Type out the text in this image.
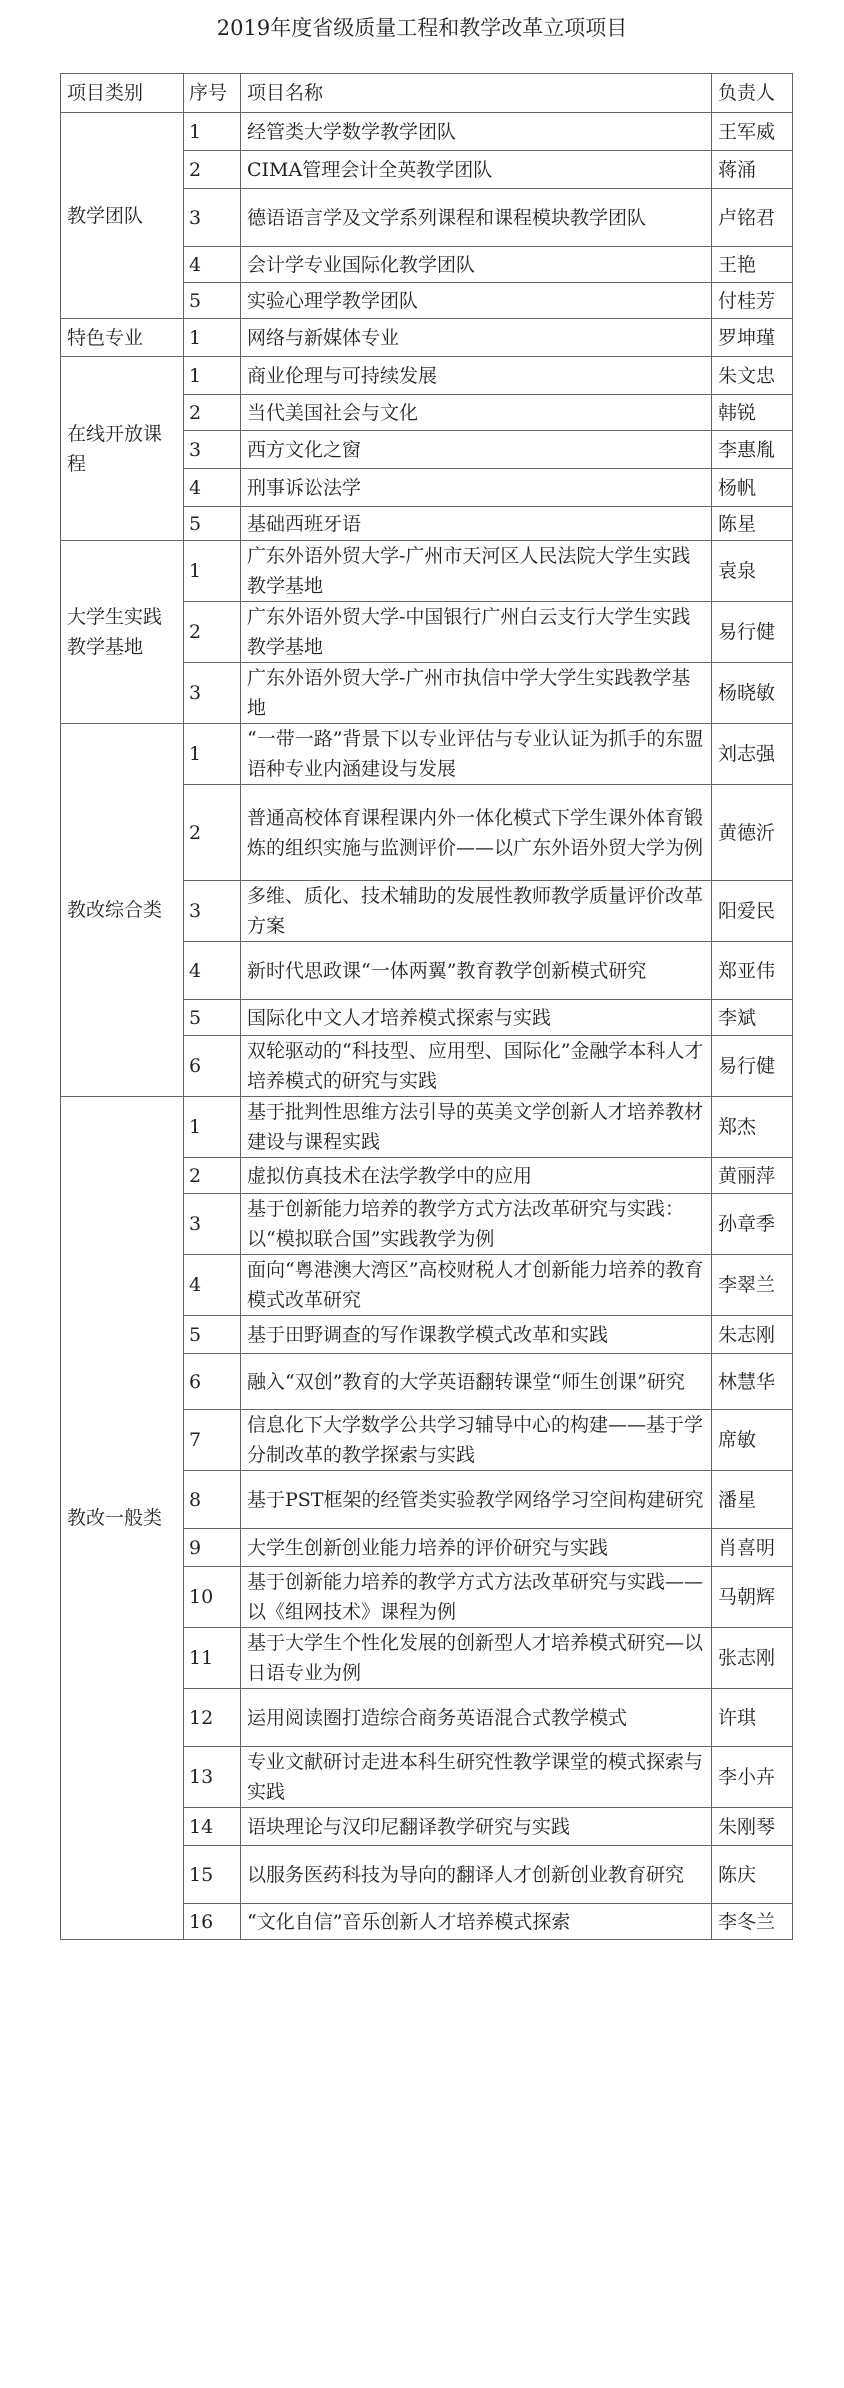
2019年度省级质量工程和教学改革立项项目
项目类别	序号	项目名称	负责人
教学团队	1	经管类大学数学教学团队	王军威
	2	CIMA管理会计全英教学团队	蒋涌
	3	德语语言学及文学系列课程和课程模块教学团队	卢铭君
	4	会计学专业国际化教学团队	王艳
	5	实验心理学教学团队	付桂芳
特色专业	1	网络与新媒体专业	罗坤瑾
在线开放课程	1	商业伦理与可持续发展	朱文忠
	2	当代美国社会与文化	韩锐
	3	西方文化之窗	李惠胤
	4	刑事诉讼法学	杨帆
	5	基础西班牙语	陈星
大学生实践教学基地	1	广东外语外贸大学-广州市天河区人民法院大学生实践教学基地	袁泉
	2	广东外语外贸大学-中国银行广州白云支行大学生实践教学基地	易行健
	3	广东外语外贸大学-广州市执信中学大学生实践教学基地	杨晓敏
教改综合类	1	“一带一路”背景下以专业评估与专业认证为抓手的东盟语种专业内涵建设与发展	刘志强
	2	普通高校体育课程课内外一体化模式下学生课外体育锻炼的组织实施与监测评价——以广东外语外贸大学为例	黄德沂
	3	多维、质化、技术辅助的发展性教师教学质量评价改革方案	阳爱民
	4	新时代思政课“一体两翼”教育教学创新模式研究	郑亚伟
	5	国际化中文人才培养模式探索与实践	李斌
	6	双轮驱动的“科技型、应用型、国际化”金融学本科人才培养模式的研究与实践	易行健
教改一般类	1	基于批判性思维方法引导的英美文学创新人才培养教材建设与课程实践	郑杰
	2	虚拟仿真技术在法学教学中的应用	黄丽萍
	3	基于创新能力培养的教学方式方法改革研究与实践：以“模拟联合国”实践教学为例	孙章季
	4	面向“粤港澳大湾区”高校财税人才创新能力培养的教育模式改革研究	李翠兰
	5	基于田野调查的写作课教学模式改革和实践	朱志刚
	6	融入“双创”教育的大学英语翻转课堂“师生创课”研究	林慧华
	7	信息化下大学数学公共学习辅导中心的构建——基于学分制改革的教学探索与实践	席敏
	8	基于PST框架的经管类实验教学网络学习空间构建研究	潘星
	9	大学生创新创业能力培养的评价研究与实践	肖喜明
	10	基于创新能力培养的教学方式方法改革研究与实践——以《组网技术》课程为例	马朝辉
	11	基于大学生个性化发展的创新型人才培养模式研究—以日语专业为例	张志刚
	12	运用阅读圈打造综合商务英语混合式教学模式	许琪
	13	专业文献研讨走进本科生研究性教学课堂的模式探索与实践	李小卉
	14	语块理论与汉印尼翻译教学研究与实践	朱刚琴
	15	以服务医药科技为导向的翻译人才创新创业教育研究	陈庆
	16	“文化自信”音乐创新人才培养模式探索	李冬兰
